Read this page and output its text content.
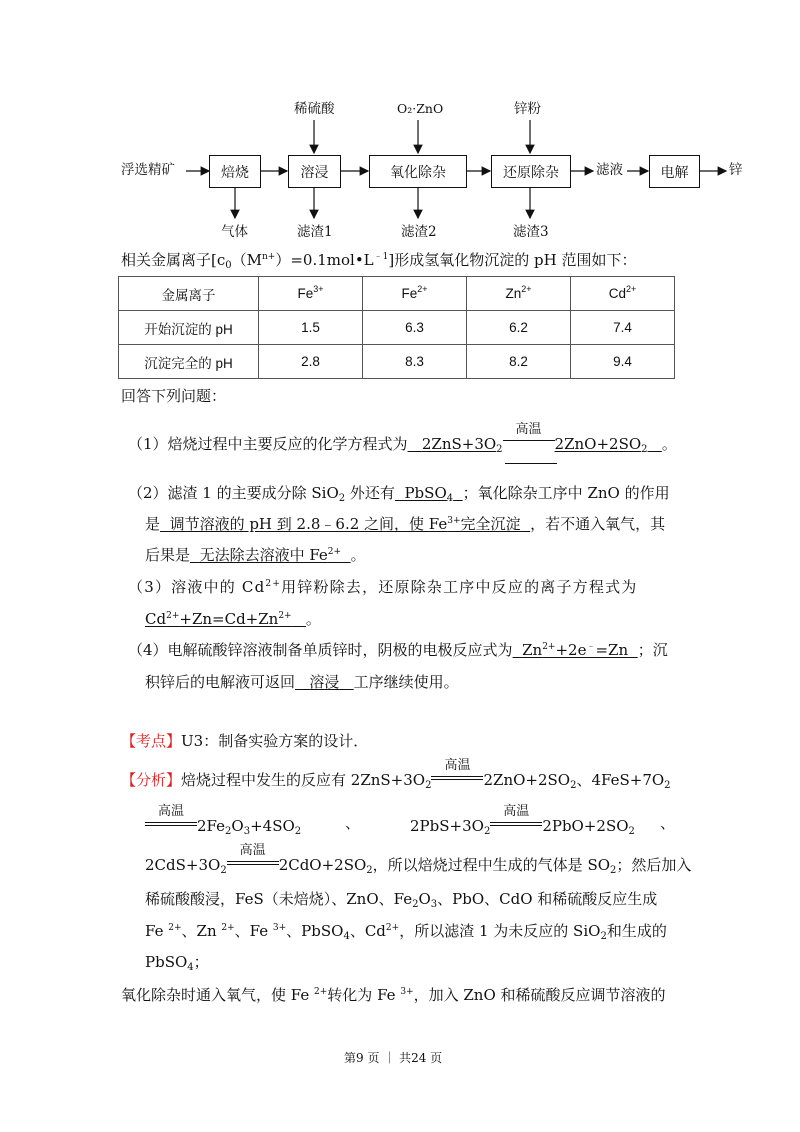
稀硫酸	O₂·ZnO	锌粉
浮选精矿	焙烧	溶浸	氧化除杂	还原除杂	滤液	电解	锌
气体	滤渣1	滤渣2	滤渣3
相关金属离子$[c_0(M^{n+})=0.1mol•L^{﹣1}]$形成氢氧化物沉淀的 pH 范围如下：
金属离子	$Fe^{3+}$	$Fe^{2+}$	$Zn^{2+}$	$Cd^{2+}$
开始沉淀的 pH	1.5	6.3	6.2	7.4
沉淀完全的 pH	2.8	8.3	8.2	9.4
回答下列问题：
（1）焙烧过程中主要反应的化学方程式为 $2ZnS+3O_2$
高温
$2ZnO+2SO_2$ 。
（2）滤渣 1 的主要成分除 SiO$_2$ 外还有 PbSO$_4$ ；氧化除杂工序中 ZnO 的作用
是 调节溶液的 pH 到 2.8﹣6.2 之间，使 $Fe^{3+}$完全沉淀 ，若不通入氧气，其
后果是 无法除去溶液中 $Fe^{2+}$ 。
（3）溶液中的 $Cd^{2+}$用锌粉除去，还原除杂工序中反应的离子方程式为
$Cd^{2+}+Zn=Cd+Zn^{2+}$ 。
（4）电解硫酸锌溶液制备单质锌时，阴极的电极反应式为 $Zn^{2+}+2e^﹣=Zn$ ；沉
积锌后的电解液可返回 溶浸 工序继续使用。
【考点】U3：制备实验方案的设计．
【分析】焙烧过程中发生的反应有 $2ZnS+3O_2$
高温
$2ZnO+2SO_2$、$4FeS+7O_2$
高温
$2Fe_2O_3+4SO_2$	、	$2PbS+3O_2$
高温
$2PbO+2SO_2$ 、
$2CdS+3O_2$
高温
$2CdO+2SO_2$，所以焙烧过程中生成的气体是 $SO_2$；然后加入
稀硫酸酸浸，FeS（未焙烧）、ZnO、$Fe_2O_3$、PbO、CdO 和稀硫酸反应生成
Fe $^{2+}$、Zn $^{2+}$、Fe $^{3+}$、PbSO$_4$、$Cd^{2+}$，所以滤渣 1 为未反应的 SiO$_2$和生成的
PbSO$_4$；
氧化除杂时通入氧气，使 Fe $^{2+}$转化为 Fe $^{3+}$，加入 ZnO 和稀硫酸反应调节溶液的
第9 页 ｜ 共24 页
